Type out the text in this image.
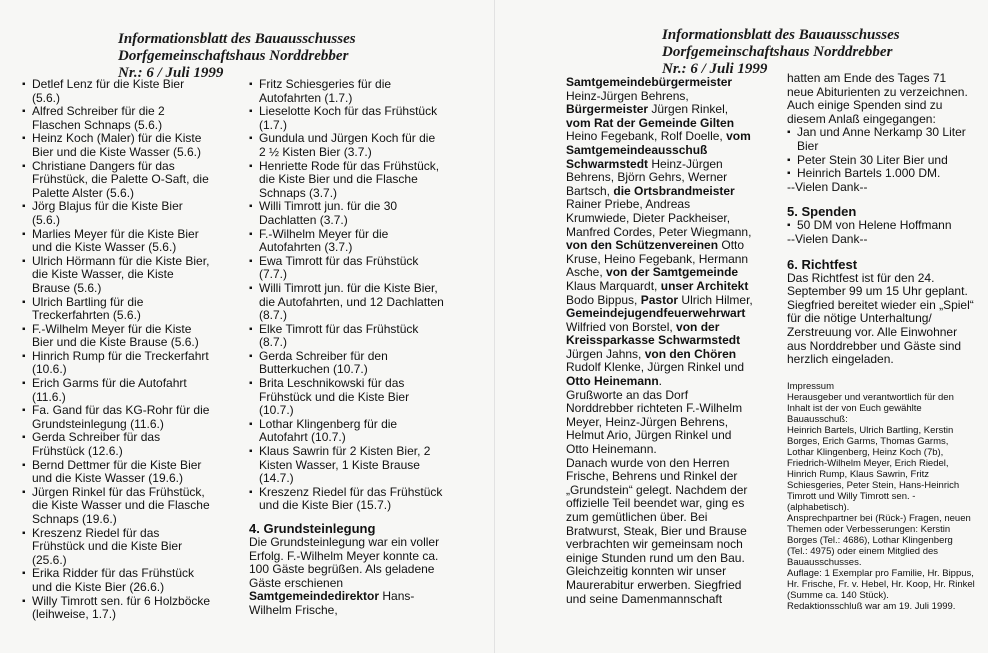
Informationsblatt des Bauausschusses
Dorfgemeinschaftshaus Norddrebber
Nr.: 6 / Juli 1999
Informationsblatt des Bauausschusses
Dorfgemeinschaftshaus Norddrebber
Nr.: 6 / Juli 1999
▪ Detlef Lenz für die Kiste Bier (5.6.)
▪ Alfred Schreiber für die 2 Flaschen Schnaps (5.6.)
▪ Heinz Koch (Maler) für die Kiste Bier und die Kiste Wasser (5.6.)
▪ Christiane Dangers für das Frühstück, die Palette O-Saft, die Palette Alster (5.6.)
▪ Jörg Blajus für die Kiste Bier (5.6.)
▪ Marlies Meyer für die Kiste Bier und die Kiste Wasser (5.6.)
▪ Ulrich Hörmann für die Kiste Bier, die Kiste Wasser, die Kiste Brause (5.6.)
▪ Ulrich Bartling für die Treckerfahrten (5.6.)
▪ F.-Wilhelm Meyer für die Kiste Bier und die Kiste Brause (5.6.)
▪ Hinrich Rump für die Treckerfahrt (10.6.)
▪ Erich Garms für die Autofahrt (11.6.)
▪ Fa. Gand für das KG-Rohr für die Grundsteinlegung (11.6.)
▪ Gerda Schreiber für das Frühstück (12.6.)
▪ Bernd Dettmer für die Kiste Bier und die Kiste Wasser (19.6.)
▪ Jürgen Rinkel für das Frühstück, die Kiste Wasser und die Flasche Schnaps (19.6.)
▪ Kreszenz Riedel für das Frühstück und die Kiste Bier (25.6.)
▪ Erika Ridder für das Frühstück und die Kiste Bier (26.6.)
▪ Willy Timrott sen. für 6 Holzböcke (leihweise, 1.7.)
▪ Fritz Schiesgeries für die Autofahrten (1.7.)
▪ Lieselotte Koch für das Frühstück (1.7.)
▪ Gundula und Jürgen Koch für die 2 ½ Kisten Bier (3.7.)
▪ Henriette Rode für das Frühstück, die Kiste Bier und die Flasche Schnaps (3.7.)
▪ Willi Timrott jun. für die 30 Dachlatten (3.7.)
▪ F.-Wilhelm Meyer für die Autofahrten (3.7.)
▪ Ewa Timrott für das Frühstück (7.7.)
▪ Willi Timrott jun. für die Kiste Bier, die Autofahrten, und 12 Dachlatten (8.7.)
▪ Elke Timrott für das Frühstück (8.7.)
▪ Gerda Schreiber für den Butterkuchen (10.7.)
▪ Brita Leschnikowski für das Frühstück und die Kiste Bier (10.7.)
▪ Lothar Klingenberg für die Autofahrt (10.7.)
▪ Klaus Sawrin für 2 Kisten Bier, 2 Kisten Wasser, 1 Kiste Brause (14.7.)
▪ Kreszenz Riedel für das Frühstück und die Kiste Bier (15.7.)
4. Grundsteinlegung

Die Grundsteinlegung war ein voller Erfolg. F.-Wilhelm Meyer konnte ca. 100 Gäste begrüßen. Als geladene Gäste erschienen Samtgemeindedirektor Hans-Wilhelm Frische,

Samtgemeindebürgermeister Heinz-Jürgen Behrens, Bürgermeister Jürgen Rinkel, vom Rat der Gemeinde Gilten Heino Fegebank, Rolf Doelle, vom Samtgemeindeausschuß Schwarmstedt Heinz-Jürgen Behrens, Björn Gehrs, Werner Bartsch, die Ortsbrandmeister Rainer Priebe, Andreas Krumwiede, Dieter Packheiser, Manfred Cordes, Peter Wiegmann, von den Schützenvereinen Otto Kruse, Heino Fegebank, Hermann Asche, von der Samtgemeinde Klaus Marquardt, unser Architekt Bodo Bippus, Pastor Ulrich Hilmer, Gemeindejugendfeuerwehrwart Wilfried von Borstel, von der Kreissparkasse Schwarmstedt Jürgen Jahns, von den Chören Rudolf Klenke, Jürgen Rinkel und Otto Heinemann.

Grußworte an das Dorf Norddrebber richteten F.-Wilhelm Meyer, Heinz-Jürgen Behrens, Helmut Ario, Jürgen Rinkel und Otto Heinemann.

Danach wurde von den Herren Frische, Behrens und Rinkel der „Grundstein“ gelegt. Nachdem der offizielle Teil beendet war, ging es zum gemütlichen über. Bei Bratwurst, Steak, Bier und Brause verbrachten wir gemeinsam noch einige Stunden rund um den Bau. Gleichzeitig konnten wir unser Maurerabitur erwerben. Siegfried und seine Damenmannschaft

hatten am Ende des Tages 71 neue Abiturienten zu verzeichnen. Auch einige Spenden sind zu diesem Anlaß eingegangen:

▪ Jan und Anne Nerkamp 30 Liter Bier
▪ Peter Stein 30 Liter Bier und
▪ Heinrich Bartels 1.000 DM.

--Vielen Dank--

5. Spenden
▪ 50 DM von Helene Hoffmann

--Vielen Dank--

6. Richtfest

Das Richtfest ist für den 24. September 99 um 15 Uhr geplant. Siegfried bereitet wieder ein „Spiel“ für die nötige Unterhaltung/ Zerstreuung vor. Alle Einwohner aus Norddrebber und Gäste sind herzlich eingeladen.

Impressum
Herausgeber und verantwortlich für den Inhalt ist der von Euch gewählte Bauausschuß:
Heinrich Bartels, Ulrich Bartling, Kerstin Borges, Erich Garms, Thomas Garms, Lothar Klingenberg, Heinz Koch (7b), Friedrich-Wilhelm Meyer, Erich Riedel, Hinrich Rump, Klaus Sawrin, Fritz Schiesgeries, Peter Stein, Hans-Heinrich Timrott und Willy Timrott sen. - (alphabetisch).
Ansprechpartner bei (Rück-) Fragen, neuen Themen oder Verbesserungen: Kerstin Borges (Tel.: 4686), Lothar Klingenberg (Tel.: 4975) oder einem Mitglied des Bauausschusses.
Auflage: 1 Exemplar pro Familie, Hr. Bippus, Hr. Frische, Fr. v. Hebel, Hr. Koop, Hr. Rinkel (Summe ca. 140 Stück).
Redaktionsschluß war am 19. Juli 1999.
